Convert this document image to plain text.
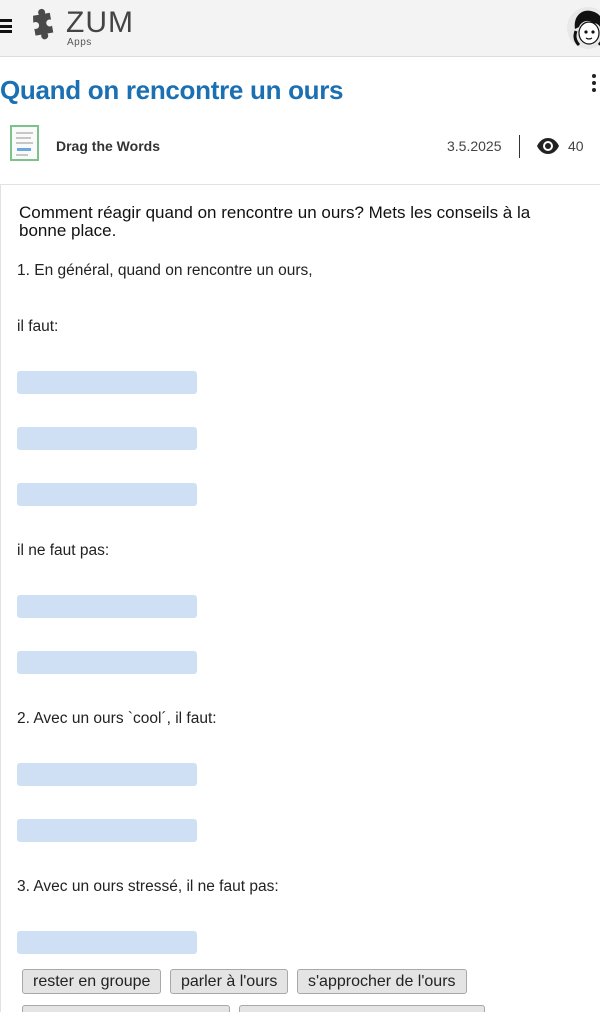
ZUM
Apps
Quand on rencontre un ours
Drag the Words	3.5.2025	40
Comment réagir quand on rencontre un ours? Mets les conseils à la bonne place.
1. En général, quand on rencontre un ours,
il faut:
il ne faut pas:
2. Avec un ours `cool´, il faut:
3. Avec un ours stressé, il ne faut pas:
rester en groupe	parler à l'ours	s'approcher de l'ours
